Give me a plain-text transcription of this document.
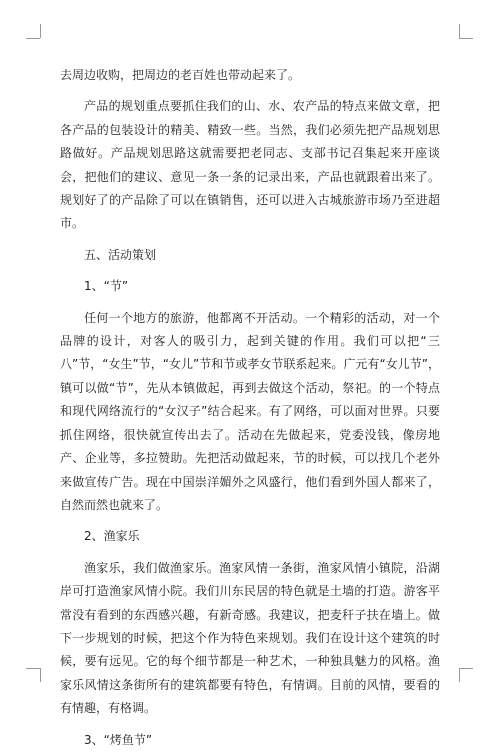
去周边收购，把周边的老百姓也带动起来了。

产品的规划重点要抓住我们的山、水、农产品的特点来做文章，把各产品的包装设计的精美、精致一些。当然，我们必须先把产品规划思路做好。产品规划思路这就需要把老同志、支部书记召集起来开座谈会，把他们的建议、意见一条一条的记录出来，产品也就跟着出来了。规划好了的产品除了可以在镇销售，还可以进入古城旅游市场乃至进超市。

五、活动策划

1、“节”

任何一个地方的旅游，他都离不开活动。一个精彩的活动，对一个品牌的设计，对客人的吸引力，起到关键的作用。我们可以把“三八”节，“女生”节，“女儿”节和节或孝女节联系起来。广元有“女儿节”，镇可以做“节”，先从本镇做起，再到去做这个活动，祭祀。的一个特点和现代网络流行的“女汉子”结合起来。有了网络，可以面对世界。只要抓住网络，很快就宣传出去了。活动在先做起来，党委没钱，像房地产、企业等，多拉赞助。先把活动做起来，节的时候，可以找几个老外来做宣传广告。现在中国崇洋媚外之风盛行，他们看到外国人都来了，自然而然也就来了。

2、渔家乐

渔家乐，我们做渔家乐。渔家风情一条街，渔家风情小镇院，沿湖岸可打造渔家风情小院。我们川东民居的特色就是土墙的打造。游客平常没有看到的东西感兴趣，有新奇感。我建议，把麦秆子扶在墙上。做下一步规划的时候，把这个作为特色来规划。我们在设计这个建筑的时候，要有远见。它的每个细节都是一种艺术，一种独具魅力的风格。渔家乐风情这条街所有的建筑都要有特色，有情调。目前的风情，要看的有情趣，有格调。

3、“烤鱼节”
